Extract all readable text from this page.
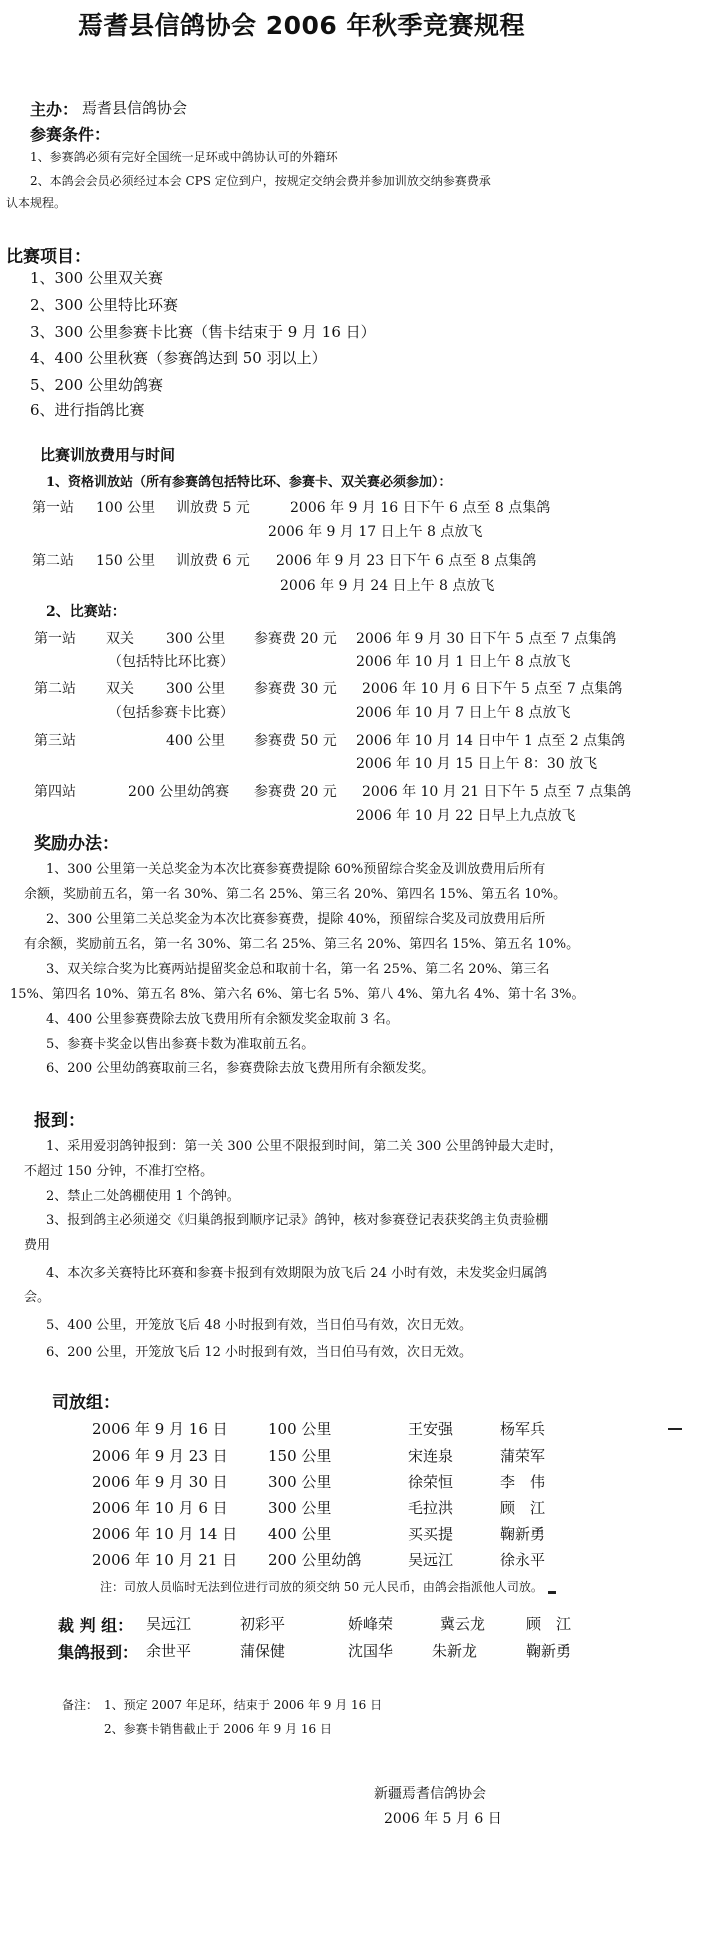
焉耆县信鸽协会 2006 年秋季竞赛规程
主办： 焉耆县信鸽协会
参赛条件：
1、参赛鸽必须有完好全国统一足环或中鸽协认可的外籍环
2、本鸽会会员必须经过本会 CPS 定位到户，按规定交纳会费并参加训放交纳参赛费承
认本规程。
比赛项目：
1、300 公里双关赛
2、300 公里特比环赛
3、300 公里参赛卡比赛（售卡结束于 9 月 16 日）
4、400 公里秋赛（参赛鸽达到 50 羽以上）
5、200 公里幼鸽赛
6、进行指鸽比赛
比赛训放费用与时间
1、资格训放站（所有参赛鸽包括特比环、参赛卡、双关赛必须参加）：
第一站 100 公里 训放费 5 元	2006 年 9 月 16 日下午 6 点至 8 点集鸽
2006 年 9 月 17 日上午 8 点放飞
第二站 150 公里 训放费 6 元 2006 年 9 月 23 日下午 6 点至 8 点集鸽
2006 年 9 月 24 日上午 8 点放飞
2、比赛站：
第一站 双关 300 公里 参赛费 20 元 2006 年 9 月 30 日下午 5 点至 7 点集鸽
（包括特比环比赛）	2006 年 10 月 1 日上午 8 点放飞
第二站 双关 300 公里 参赛费 30 元 2006 年 10 月 6 日下午 5 点至 7 点集鸽
（包括参赛卡比赛）	2006 年 10 月 7 日上午 8 点放飞
第三站	400 公里 参赛费 50 元 2006 年 10 月 14 日中午 1 点至 2 点集鸽
2006 年 10 月 15 日上午 8：30 放飞
第四站	200 公里幼鸽赛 参赛费 20 元 2006 年 10 月 21 日下午 5 点至 7 点集鸽
2006 年 10 月 22 日早上九点放飞
奖励办法：
1、300 公里第一关总奖金为本次比赛参赛费提除 60%预留综合奖金及训放费用后所有
余额，奖励前五名，第一名 30%、第二名 25%、第三名 20%、第四名 15%、第五名 10%。
2、300 公里第二关总奖金为本次比赛参赛费，提除 40%，预留综合奖及司放费用后所
有余额，奖励前五名，第一名 30%、第二名 25%、第三名 20%、第四名 15%、第五名 10%。
3、双关综合奖为比赛两站提留奖金总和取前十名，第一名 25%、第二名 20%、第三名
15%、第四名 10%、第五名 8%、第六名 6%、第七名 5%、第八 4%、第九名 4%、第十名 3%。
4、400 公里参赛费除去放飞费用所有余额发奖金取前 3 名。
5、参赛卡奖金以售出参赛卡数为准取前五名。
6、200 公里幼鸽赛取前三名，参赛费除去放飞费用所有余额发奖。
报到：
1、采用爱羽鸽钟报到：第一关 300 公里不限报到时间，第二关 300 公里鸽钟最大走时，
不超过 150 分钟，不准打空格。
2、禁止二处鸽棚使用 1 个鸽钟。
3、报到鸽主必须递交《归巢鸽报到顺序记录》鸽钟，核对参赛登记表获奖鸽主负责验棚
费用
4、本次多关赛特比环赛和参赛卡报到有效期限为放飞后 24 小时有效，未发奖金归属鸽
会。
5、400 公里，开笼放飞后 48 小时报到有效，当日伯马有效，次日无效。
6、200 公里，开笼放飞后 12 小时报到有效，当日伯马有效，次日无效。
司放组：
2006 年 9 月 16 日	100 公里	王安强	杨军兵
2006 年 9 月 23 日	150 公里	宋连泉	蒲荣军
2006 年 9 月 30 日	300 公里	徐荣恒	李　伟
2006 年 10 月 6 日	300 公里	毛拉洪	顾　江
2006 年 10 月 14 日 400 公里	买买提	鞠新勇
2006 年 10 月 21 日 200 公里幼鸽	吴远江	徐永平
注：司放人员临时无法到位进行司放的须交纳 50 元人民币，由鸽会指派他人司放。
裁 判 组： 吴远江	初彩平	娇峰荣	冀云龙	顾　江
集鸽报到： 余世平	蒲保健	沈国华	朱新龙	鞠新勇
备注： 1、预定 2007 年足环，结束于 2006 年 9 月 16 日
2、参赛卡销售截止于 2006 年 9 月 16 日
新疆焉耆信鸽协会
2006 年 5 月 6 日
